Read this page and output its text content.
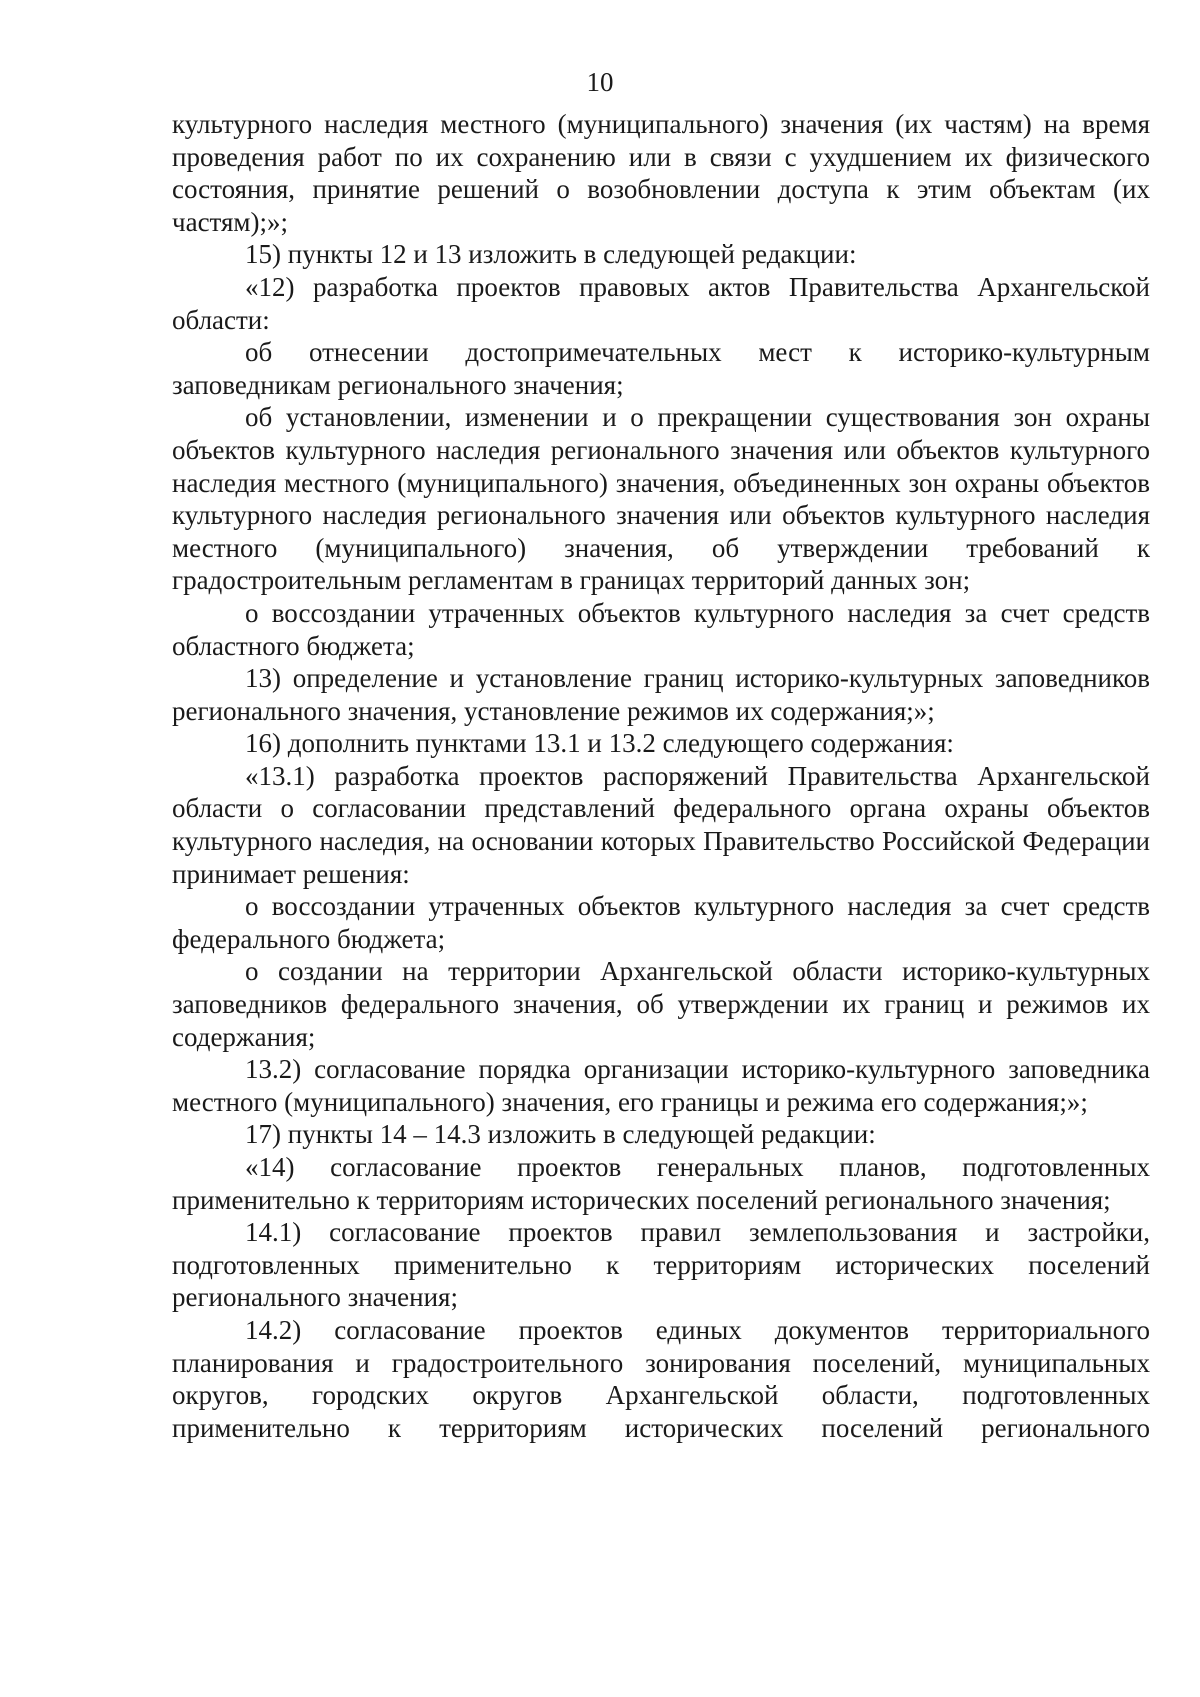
10

культурного наследия местного (муниципального) значения (их частям) на время проведения работ по их сохранению или в связи с ухудшением их физического состояния, принятие решений о возобновлении доступа к этим объектам (их частям);»;

15) пункты 12 и 13 изложить в следующей редакции:

«12) разработка проектов правовых актов Правительства Архангельской области:

об отнесении достопримечательных мест к историко-культурным заповедникам регионального значения;

об установлении, изменении и о прекращении существования зон охраны объектов культурного наследия регионального значения или объектов культурного наследия местного (муниципального) значения, объединенных зон охраны объектов культурного наследия регионального значения или объектов культурного наследия местного (муниципального) значения, об утверждении требований к градостроительным регламентам в границах территорий данных зон;

о воссоздании утраченных объектов культурного наследия за счет средств областного бюджета;

13) определение и установление границ историко-культурных заповедников регионального значения, установление режимов их содержания;»;

16) дополнить пунктами 13.1 и 13.2 следующего содержания:

«13.1) разработка проектов распоряжений Правительства Архангельской области о согласовании представлений федерального органа охраны объектов культурного наследия, на основании которых Правительство Российской Федерации принимает решения:

о воссоздании утраченных объектов культурного наследия за счет средств федерального бюджета;

о создании на территории Архангельской области историко-культурных заповедников федерального значения, об утверждении их границ и режимов их содержания;

13.2) согласование порядка организации историко-культурного заповедника местного (муниципального) значения, его границы и режима его содержания;»;

17) пункты 14 – 14.3 изложить в следующей редакции:

«14) согласование проектов генеральных планов, подготовленных применительно к территориям исторических поселений регионального значения;

14.1) согласование проектов правил землепользования и застройки, подготовленных применительно к территориям исторических поселений регионального значения;

14.2) согласование проектов единых документов территориального планирования и градостроительного зонирования поселений, муниципальных округов, городских округов Архангельской области, подготовленных применительно к территориям исторических поселений регионального
